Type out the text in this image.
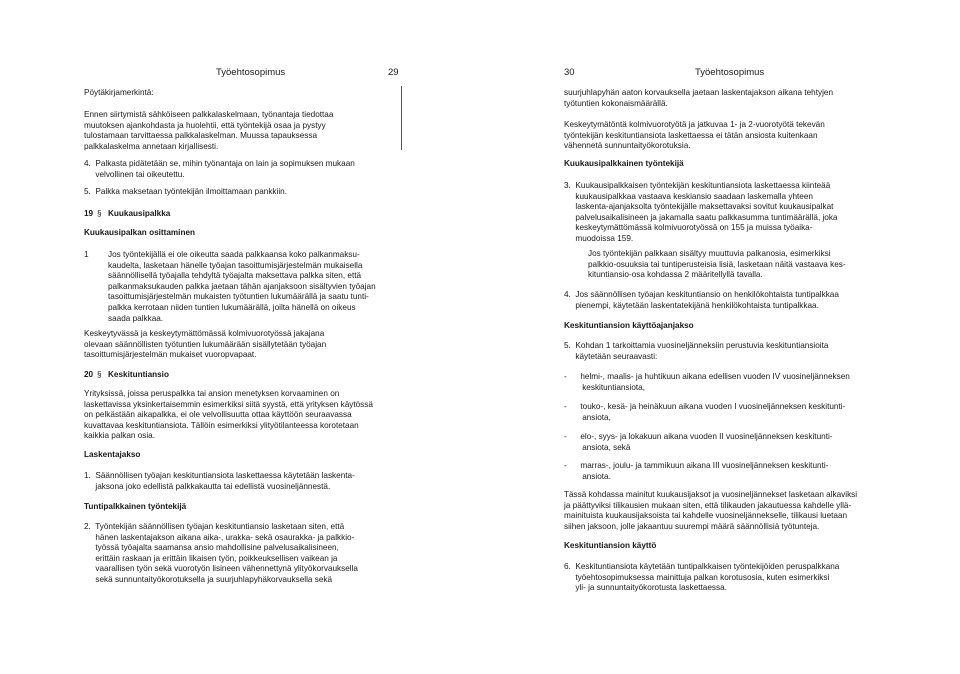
Työehtosopimus	29
Pöytäkirjamerkintä:
Ennen siirtymistä sähköiseen palkkalaskelmaan, työnantaja tiedottaa
muutoksen ajankohdasta ja huolehtii, että työntekijä osaa ja pystyy
tulostamaan tarvittaessa palkkalaskelman. Muussa tapauksessa
palkkalaskelma annetaan kirjallisesti.
4.  Palkasta pidätetään se, mihin työnantaja on lain ja sopimuksen mukaan
velvollinen tai oikeutettu.
5.  Palkka maksetaan työntekijän ilmoittamaan pankkiin.
19 § Kuukausipalkka
Kuukausipalkan osittaminen
1 Jos työntekijällä ei ole oikeutta saada palkkaansa koko palkanmaksu-
kaudelta, lasketaan hänelle työajan tasoittumisjärjestelmän mukaisella
säännöllisellä työajalla tehdyltä työajalta maksettava palkka siten, että
palkanmaksukauden palkka jaetaan tähän ajanjaksoon sisältyvien työajan
tasoittumisjärjestelmän mukaisten työtuntien lukumäärällä ja saatu tunti-
palkka kerrotaan niiden tuntien lukumäärällä, joilta hänellä on oikeus
saada palkkaa.
Keskeytyvässä ja keskeytymättömässä kolmivuorotyössä jakajana
olevaan säännöllisten työtuntien lukumäärään sisällytetään työajan
tasoittumisjärjestelmän mukaiset vuoropvapaat.
20 § Keskituntiansio
Yrityksissä, joissa peruspalkka tai ansion menetyksen korvaaminen on
laskettavissa yksinkertaisemmin esimerkiksi siitä syystä, että yrityksen käytössä
on pelkästään aikapalkka, ei ole velvollisuutta ottaa käyttöön seuraavassa
kuvattavaa keskituntiansiota. Tällöin esimerkiksi ylityötilanteessa korotetaan
kaikkia palkan osia.
Laskentajakso
1.  Säännöllisen työajan keskituntiansiota laskettaessa käytetään laskenta-
jaksona joko edellistä palkkakautta tai edellistä vuosineljännestä.
Tuntipalkkainen työntekijä
2.  Työntekijän säännöllisen työajan keskituntiansio lasketaan siten, että
hänen laskentajakson aikana aika-, urakka- sekä osaurakka- ja palkkio-
työssä työajalta saamansa ansio mahdollisine palvelusaikalisineen,
erittäin raskaan ja erittäin likaisen työn, poikkeuksellisen vaikean ja
vaarallisen työn sekä vuorotyön lisineen vähennettynä ylityökorvauksella
sekä sunnuntaityökorotuksella ja suurjuhlapyhäkorvauksella sekä
30	Työehtosopimus
suurjuhlapyhän aaton korvauksella jaetaan laskentajakson aikana tehtyjen
työtuntien kokonaismäärällä.
Keskeytymätöntä kolmivuorotyötä ja jatkuvaa 1- ja 2-vuorotyötä tekevän
työntekijän keskituntiansiota laskettaessa ei tätän ansiosta kuitenkaan
vähennetä sunnuntaityökorotuksia.
Kuukausipalkkainen työntekijä
3.  Kuukausipalkkaisen työntekijän keskituntiansiota laskettaessa kiinteää
kuukausipalkkaa vastaava keskiansio saadaan laskemalla yhteen
laskenta-ajanjaksolta työntekijälle maksettavaksi sovitut kuukausipalkat
palvelusaikalisineen ja jakamalla saatu palkkasumma tuntimäärällä, joka
keskeytymättömässä kolmivuorotyössä on 155 ja muissa työaika-
muodoissa 159.
Jos työntekijän palkkaan sisältyy muuttuvia palkanosia, esimerkiksi
palkkio-osuuksia tai tuntiperusteisia lisiä, lasketaan näitä vastaava kes-
kituntiansio-osa kohdassa 2 määritellyllä tavalla.
4.  Jos säännöllisen työajan keskituntiansio on henkilökohtaista tuntipalkkaa
pienempi, käytetään laskentatekijänä henkilökohtaista tuntipalkkaa.
Keskituntiansion käyttöajanjakso
5.  Kohdan 1 tarkoittamia vuosineljänneksiin perustuvia keskituntiansioita
käytetään seuraavasti:
-      helmi-, maalis- ja huhtikuun aikana edellisen vuoden IV vuosineljänneksen
keskituntiansiota,
-      touko-, kesä- ja heinäkuun aikana vuoden I vuosineljänneksen keskitunti-
ansiota,
-      elo-, syys- ja lokakuun aikana vuoden II vuosineljänneksen keskitunti-
ansiota, sekä
-      marras-, joulu- ja tammikuun aikana III vuosineljänneksen keskitunti-
ansiota.
Tässä kohdassa mainitut kuukausijaksot ja vuosineljännekset lasketaan alkaviksi
ja päättyviksi tilikausien mukaan siten, että tilikauden jakautuessa kahdelle yllä-
mainituista kuukausijaksoista tai kahdelle vuosineljännekselle, tilikausi luetaan
siihen jaksoon, jolle jakaantuu suurempi määrä säännöllisiä työtunteja.
Keskituntiansion käyttö
6.  Keskituntiansiota käytetään tuntipalkkaisen työntekijöiden peruspalkkana
työehtosopimuksessa mainittuja palkan korotusosia, kuten esimerkiksi
yli- ja sunnuntaityökorotusta laskettaessa.
